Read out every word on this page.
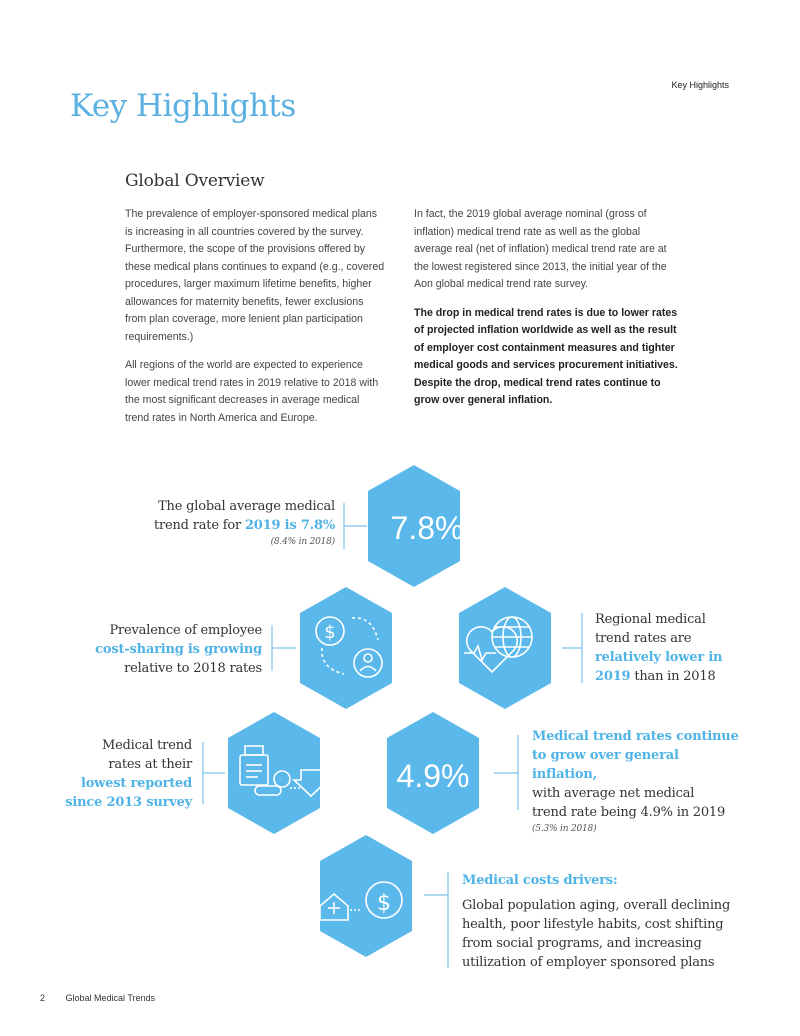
Key Highlights
Key Highlights
Global Overview

The prevalence of employer-sponsored medical plans is increasing in all countries covered by the survey. Furthermore, the scope of the provisions offered by these medical plans continues to expand (e.g., covered procedures, larger maximum lifetime benefits, higher allowances for maternity benefits, fewer exclusions from plan coverage, more lenient plan participation requirements.)

All regions of the world are expected to experience lower medical trend rates in 2019 relative to 2018 with the most significant decreases in average medical trend rates in North America and Europe.

In fact, the 2019 global average nominal (gross of inflation) medical trend rate as well as the global average real (net of inflation) medical trend rate are at the lowest registered since 2013, the initial year of the Aon global medical trend rate survey.

The drop in medical trend rates is due to lower rates of projected inflation worldwide as well as the result of employer cost containment measures and tighter medical goods and services procurement initiatives. Despite the drop, medical trend rates continue to grow over general inflation.

7.8%
4.9%
$
$
The global average medical
trend rate for 2019 is 7.8%
(8.4% in 2018)
Prevalence of employee
cost-sharing is growing
relative to 2018 rates
Regional medical
trend rates are
relatively lower in
2019 than in 2018
Medical trend
rates at their
lowest reported
since 2013 survey
Medical trend rates continue
to grow over general inflation,
with average net medical
trend rate being 4.9% in 2019
(5.3% in 2018)
Medical costs drivers:
Global population aging, overall declining
health, poor lifestyle habits, cost shifting
from social programs, and increasing
utilization of employer sponsored plans
2 Global Medical Trends
